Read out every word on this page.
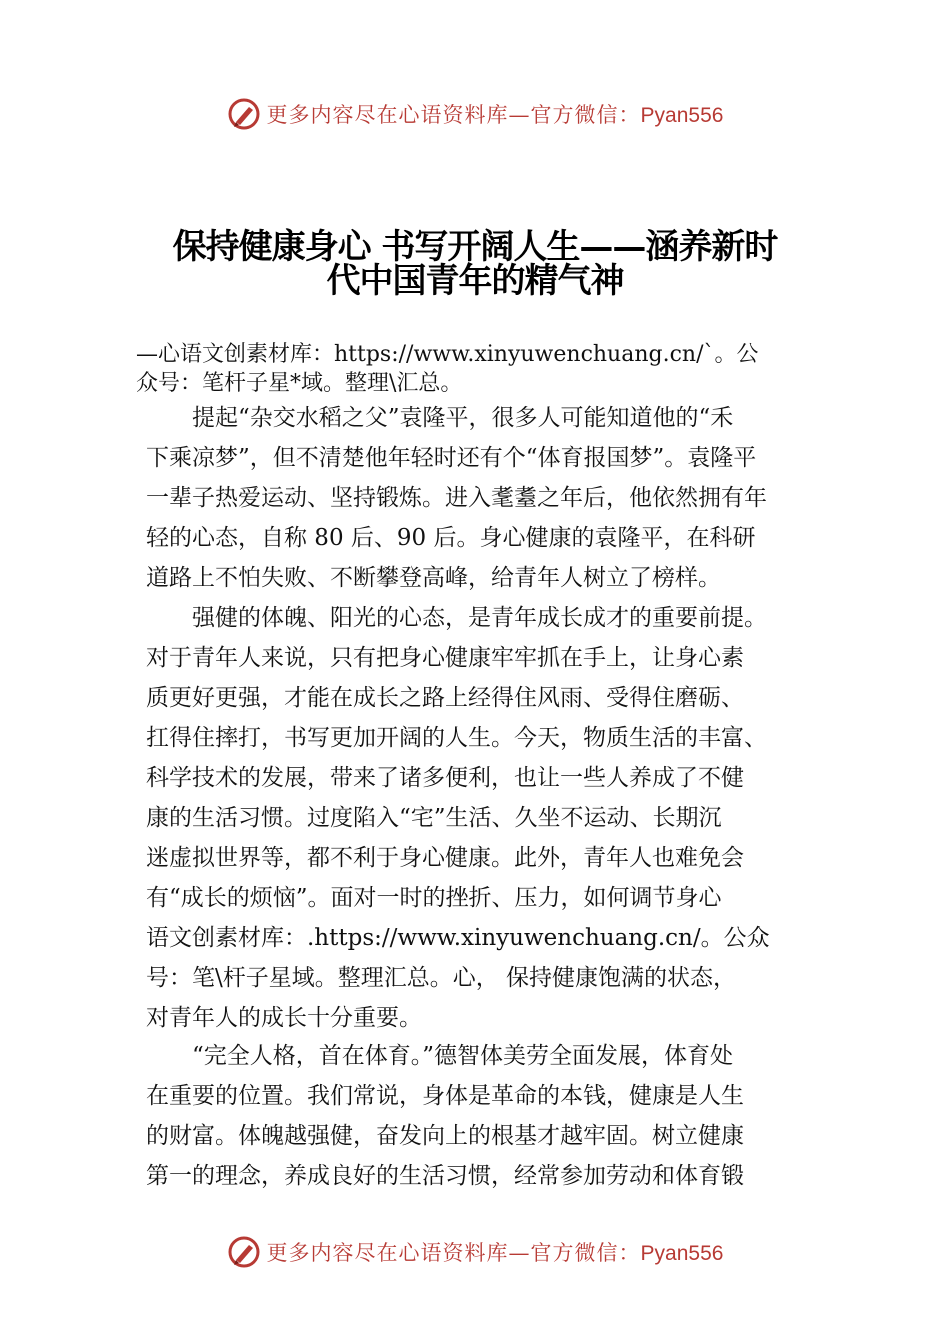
更多内容尽在心语资料库—官方微信：Pyan556
保持健康身心 书写开阔人生——涵养新时
代中国青年的精气神
—心语文创素材库：https://www.xinyuwenchuang.cn/`。公
众号：笔杆子星*域。整理\汇总。
提起“杂交水稻之父”袁隆平，很多人可能知道他的“禾
下乘凉梦”，但不清楚他年轻时还有个“体育报国梦”。袁隆平
一辈子热爱运动、坚持锻炼。进入耄耋之年后，他依然拥有年
轻的心态，自称 80 后、90 后。身心健康的袁隆平，在科研
道路上不怕失败、不断攀登高峰，给青年人树立了榜样。
强健的体魄、阳光的心态，是青年成长成才的重要前提。
对于青年人来说，只有把身心健康牢牢抓在手上，让身心素
质更好更强，才能在成长之路上经得住风雨、受得住磨砺、
扛得住摔打，书写更加开阔的人生。今天，物质生活的丰富、
科学技术的发展，带来了诸多便利，也让一些人养成了不健
康的生活习惯。过度陷入“宅”生活、久坐不运动、长期沉
迷虚拟世界等，都不利于身心健康。此外，青年人也难免会
有“成长的烦恼”。面对一时的挫折、压力，如何调节身心
语文创素材库：.https://www.xinyuwenchuang.cn/。公众
号：笔\杆子星域。整理汇总。心， 保持健康饱满的状态，
对青年人的成长十分重要。
“完全人格，首在体育。”德智体美劳全面发展，体育处
在重要的位置。我们常说，身体是革命的本钱，健康是人生
的财富。体魄越强健，奋发向上的根基才越牢固。树立健康
第一的理念，养成良好的生活习惯，经常参加劳动和体育锻
更多内容尽在心语资料库—官方微信：Pyan556
